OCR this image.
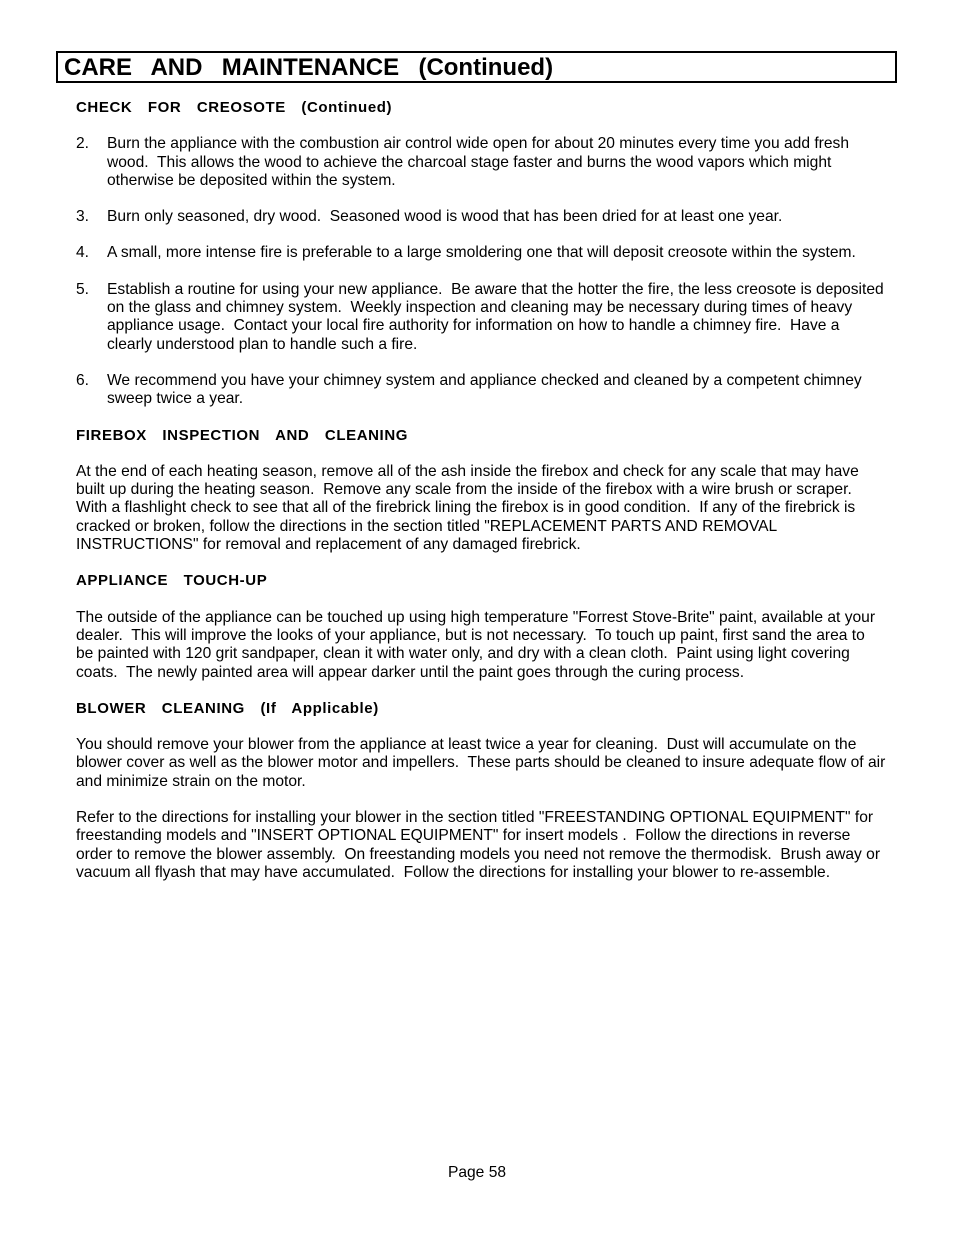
CARE  AND  MAINTENANCE  (Continued)
CHECK  FOR  CREOSOTE  (Continued)
2.	Burn the appliance with the combustion air control wide open for about 20 minutes every time you add fresh wood.  This allows the wood to achieve the charcoal stage faster and burns the wood vapors which might otherwise be deposited within the system.
3.	Burn only seasoned, dry wood.  Seasoned wood is wood that has been dried for at least one year.
4.	A small, more intense fire is preferable to a large smoldering one that will deposit creosote within the system.
5.	Establish a routine for using your new appliance.  Be aware that the hotter the fire, the less creosote is deposited on the glass and chimney system.  Weekly inspection and cleaning may be necessary during times of heavy appliance usage.  Contact your local fire authority for information on how to handle a chimney fire.  Have a clearly understood plan to handle such a fire.
6.	We recommend you have your chimney system and appliance checked and cleaned by a competent chimney sweep twice a year.
FIREBOX  INSPECTION  AND  CLEANING

At the end of each heating season, remove all of the ash inside the firebox and check for any scale that may have built up during the heating season.  Remove any scale from the inside of the firebox with a wire brush or scraper.  With a flashlight check to see that all of the firebrick lining the firebox is in good condition.  If any of the firebrick is cracked or broken, follow the directions in the section titled "REPLACEMENT PARTS AND REMOVAL INSTRUCTIONS" for removal and replacement of any damaged firebrick.

APPLIANCE  TOUCH-UP

The outside of the appliance can be touched up using high temperature "Forrest Stove-Brite" paint, available at your dealer.  This will improve the looks of your appliance, but is not necessary.  To touch up paint, first sand the area to be painted with 120 grit sandpaper, clean it with water only, and dry with a clean cloth.  Paint using light covering coats.  The newly painted area will appear darker until the paint goes through the curing process.

BLOWER  CLEANING  (If  Applicable)

You should remove your blower from the appliance at least twice a year for cleaning.  Dust will accumulate on the blower cover as well as the blower motor and impellers.  These parts should be cleaned to insure adequate flow of air and minimize strain on the motor.

Refer to the directions for installing your blower in the section titled "FREESTANDING OPTIONAL EQUIPMENT" for freestanding models and "INSERT OPTIONAL EQUIPMENT" for insert models .  Follow the directions in reverse order to remove the blower assembly.  On freestanding models you need not remove the thermodisk.  Brush away or vacuum all flyash that may have accumulated.  Follow the directions for installing your blower to re-assemble.

Page 58
